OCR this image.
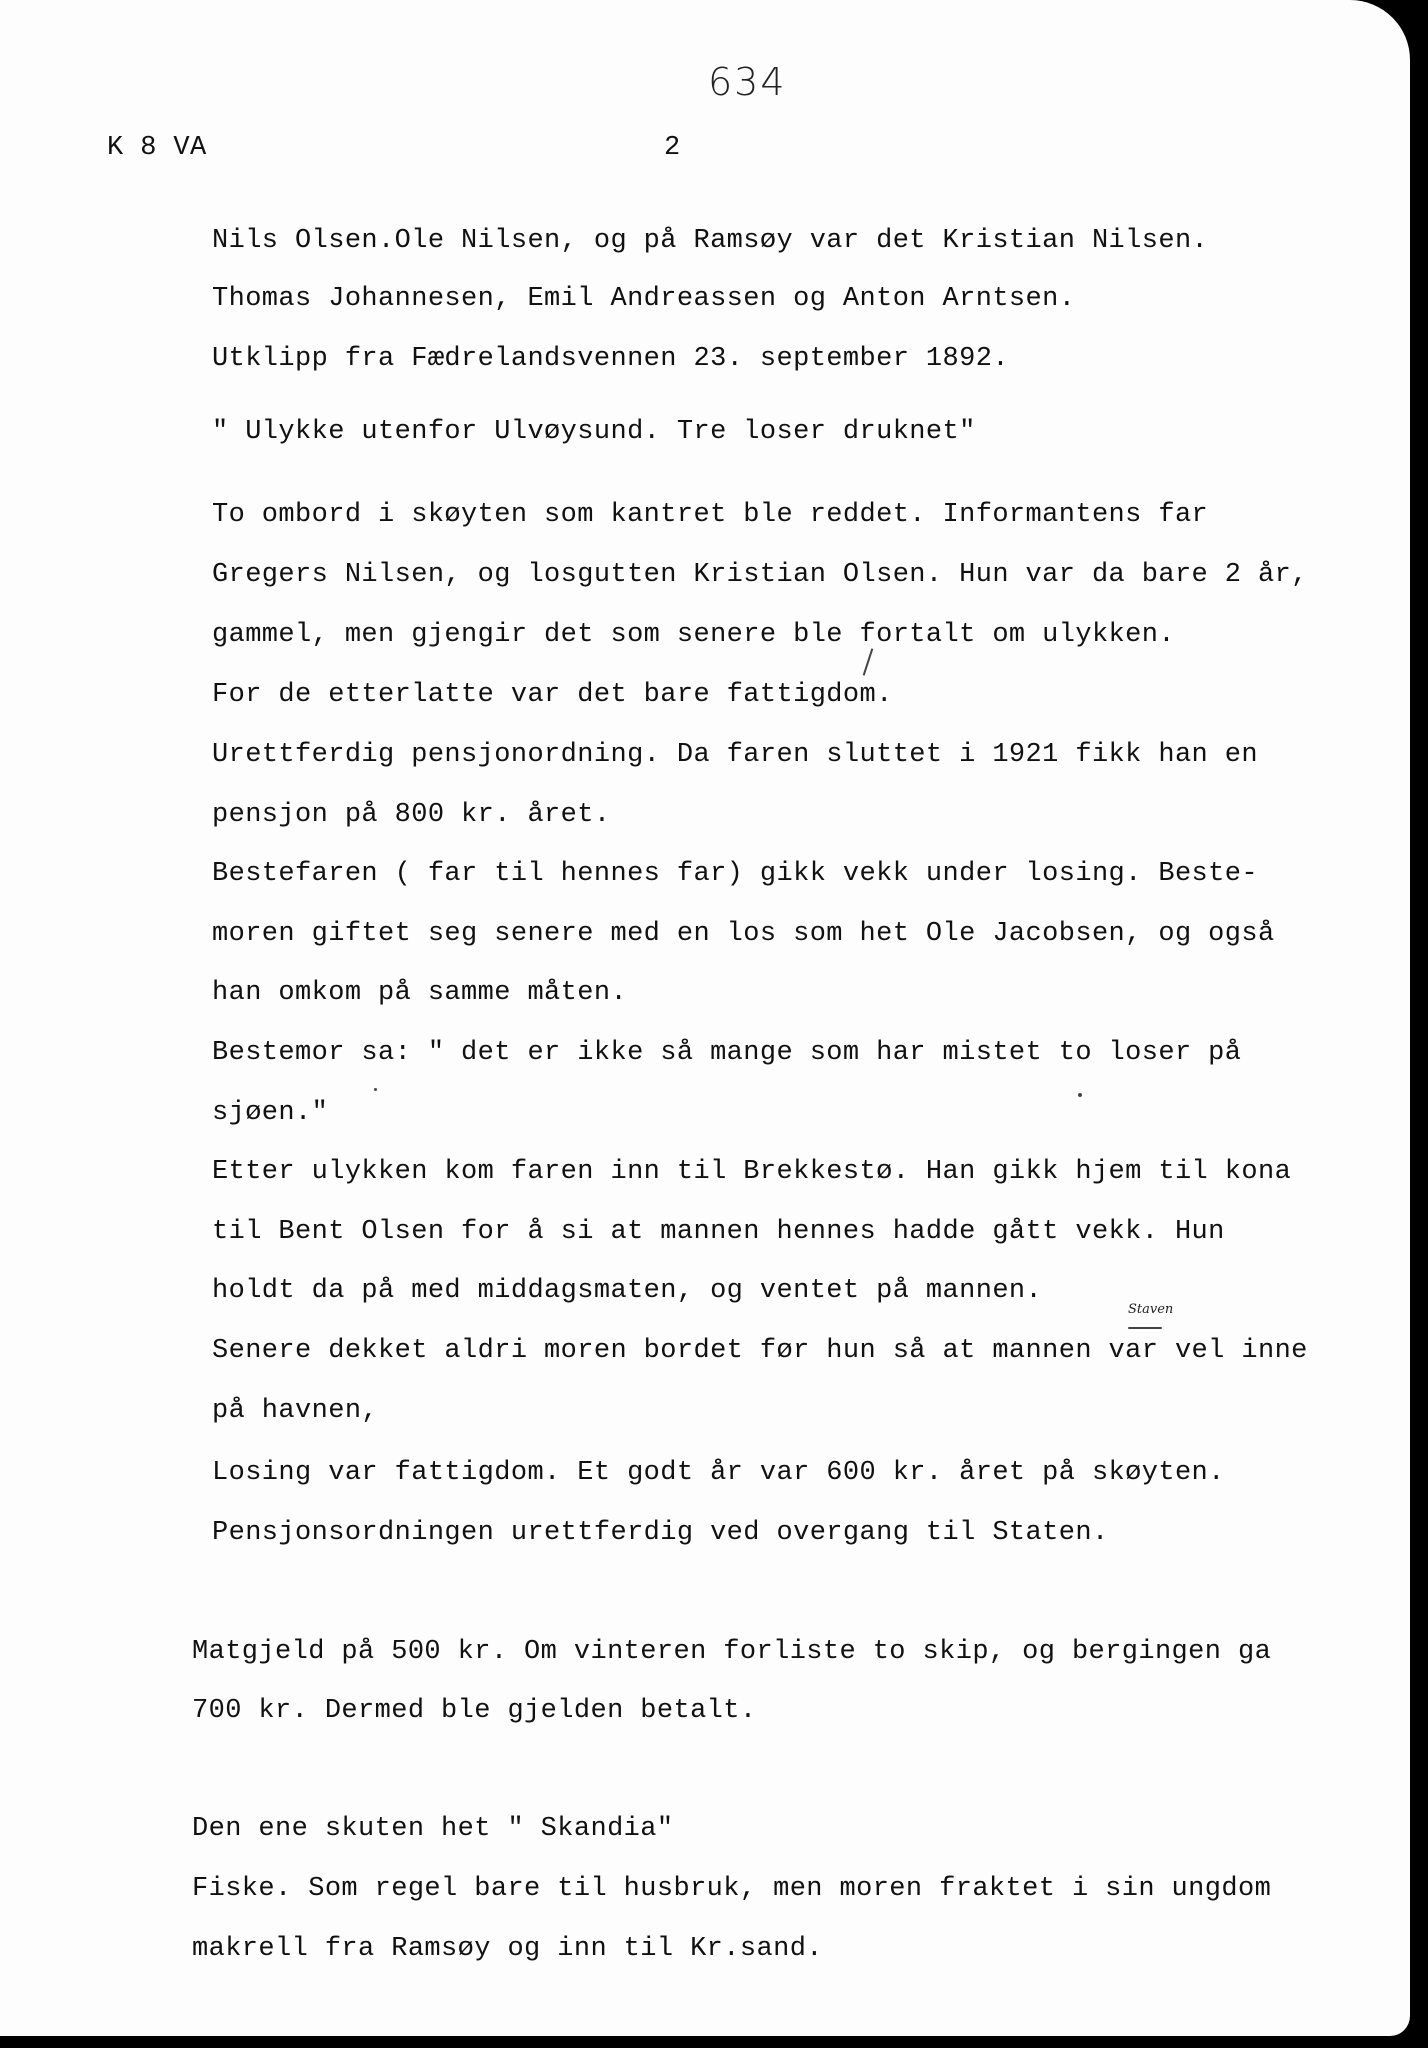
634
K 8 VA	2
Nils Olsen.Ole Nilsen, og på Ramsøy var det Kristian Nilsen.
Thomas Johannesen, Emil Andreassen og Anton Arntsen.
Utklipp fra Fædrelandsvennen 23. september 1892.
" Ulykke utenfor Ulvøysund. Tre loser druknet"
To ombord i skøyten som kantret ble reddet. Informantens far
Gregers Nilsen, og losgutten Kristian Olsen. Hun var da bare 2 år,
gammel, men gjengir det som senere ble fortalt om ulykken.
For de etterlatte var det bare fattigdom.
Urettferdig pensjonordning. Da faren sluttet i 1921 fikk han en
pensjon på 800 kr. året.
Bestefaren ( far til hennes far) gikk vekk under losing. Beste-
moren giftet seg senere med en los som het Ole Jacobsen, og også
han omkom på samme måten.
Bestemor sa: " det er ikke så mange som har mistet to loser på
sjøen."
Etter ulykken kom faren inn til Brekkestø. Han gikk hjem til kona
til Bent Olsen for å si at mannen hennes hadde gått vekk. Hun
holdt da på med middagsmaten, og ventet på mannen.
Staven
Senere dekket aldri moren bordet før hun så at mannen var vel inne
på havnen,
Losing var fattigdom. Et godt år var 600 kr. året på skøyten.
Pensjonsordningen urettferdig ved overgang til Staten.
Matgjeld på 500 kr. Om vinteren forliste to skip, og bergingen ga
700 kr. Dermed ble gjelden betalt.
Den ene skuten het " Skandia"
Fiske. Som regel bare til husbruk, men moren fraktet i sin ungdom
makrell fra Ramsøy og inn til Kr.sand.
